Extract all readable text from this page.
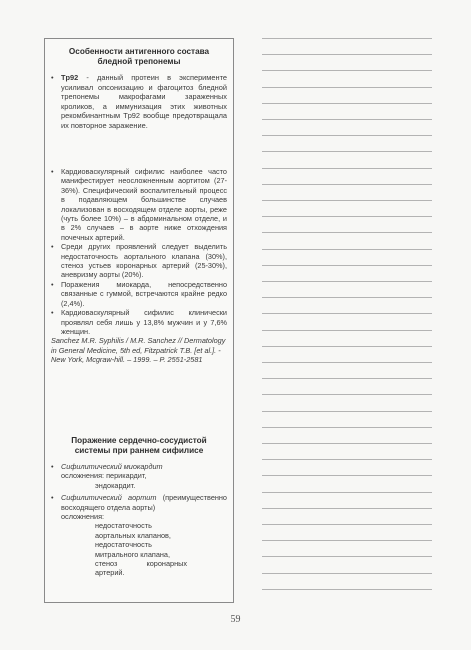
Особенности антигенного состава бледной трепонемы
• Tp92 - данный протеин в эксперименте усиливал опсонизацию и фагоцитоз бледной трепонемы макрофагами зараженных кроликов, а иммунизация этих животных рекомбинантным Tp92 вообще предотвращала их повторное заражение.
• Кардиоваскулярный сифилис наиболее часто манифестирует неосложненным аортитом (27-36%). Специфический воспалительный процесс в подавляющем большинстве случаев локализован в восходящем отделе аорты, реже (чуть более 10%) – в абдоминальном отделе, и в 2% случаев – в аорте ниже отхождения почечных артерий.
• Среди других проявлений следует выделить недостаточность аортального клапана (30%), стеноз устьев коронарных артерий (25-30%), аневризму аорты (20%).
• Поражения миокарда, непосредственно связанные с гуммой, встречаются крайне редко (2,4%).
• Кардиоваскулярный сифилис клинически проявлял себя лишь у 13,8% мужчин и у 7,6% женщин.
Sanchez M.R. Syphilis / M.R. Sanchez // Dermatology in General Medicine, 5th ed, Fitzpatrick T.B. [et al.]. - New York, Mcgraw-hill. – 1999. – P. 2551-2581
Поражение сердечно-сосудистой системы при раннем сифилисе
• Сифилитический миокардит
осложнения: перикардит,
эндокардит.
• Сифилитический аортит (преимущественно восходящего отдела аорты)
осложнения:
недостаточность аортальных клапанов,
недостаточность митрального клапана,
стеноз коронарных артерий.
59
